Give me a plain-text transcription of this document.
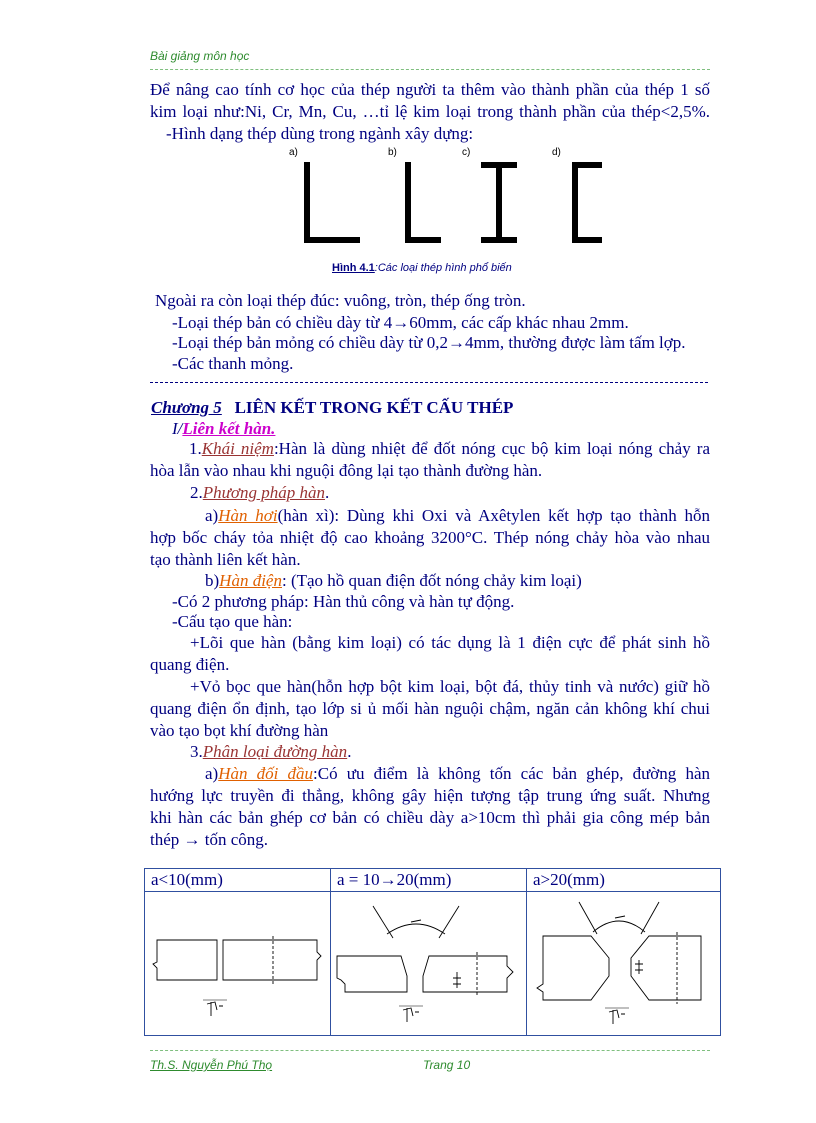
Bài giảng môn học
Để nâng cao tính cơ học của thép người ta thêm vào thành phần của thép 1 số
kim loại như:Ni, Cr, Mn, Cu, …tỉ lệ kim loại trong thành phần của thép<2,5%.
-Hình dạng thép dùng trong ngành xây dựng:
a)	b)	c)	d)
Hình 4.1:Các loại thép hình phổ biến
Ngoài ra còn loại thép đúc: vuông, tròn, thép ống tròn.
-Loại thép bản có chiều dày từ 4→60mm, các cấp khác nhau 2mm.
-Loại thép bản mỏng có chiều dày từ 0,2→4mm, thường được làm tấm lợp.
-Các thanh mỏng.
Chương 5 LIÊN KẾT TRONG KẾT CẤU THÉP
I/Liên kết hàn.
1.Khái niệm:Hàn là dùng nhiệt để đốt nóng cục bộ kim loại nóng chảy ra
hòa lẫn vào nhau khi nguội đông lại tạo thành đường hàn.
2.Phương pháp hàn.
a)Hàn hơi(hàn xì): Dùng khi Oxi và Axêtylen kết hợp tạo thành hỗn
hợp bốc cháy tỏa nhiệt độ cao khoảng 3200°C. Thép nóng chảy hòa vào nhau
tạo thành liên kết hàn.
b)Hàn điện: (Tạo hồ quan điện đốt nóng chảy kim loại)
-Có 2 phương pháp: Hàn thủ công và hàn tự động.
-Cấu tạo que hàn:
+Lõi que hàn (bằng kim loại) có tác dụng là 1 điện cực để phát sinh hồ
quang điện.
+Vỏ bọc que hàn(hỗn hợp bột kim loại, bột đá, thủy tinh và nước) giữ hồ
quang điện ổn định, tạo lớp si ủ mối hàn nguội chậm, ngăn cản không khí chui
vào tạo bọt khí đường hàn
3.Phân loại đường hàn.
a)Hàn đối đầu:Có ưu điểm là không tốn các bản ghép, đường hàn
hướng lực truyền đi thẳng, không gây hiện tượng tập trung ứng suất. Nhưng
khi hàn các bản ghép cơ bản có chiều dày a>10cm thì phải gia công mép bản
thép → tốn công.
a<10(mm)	a = 10→20(mm)	a>20(mm)

Th.S. Nguyễn Phú Thọ	Trang 10
